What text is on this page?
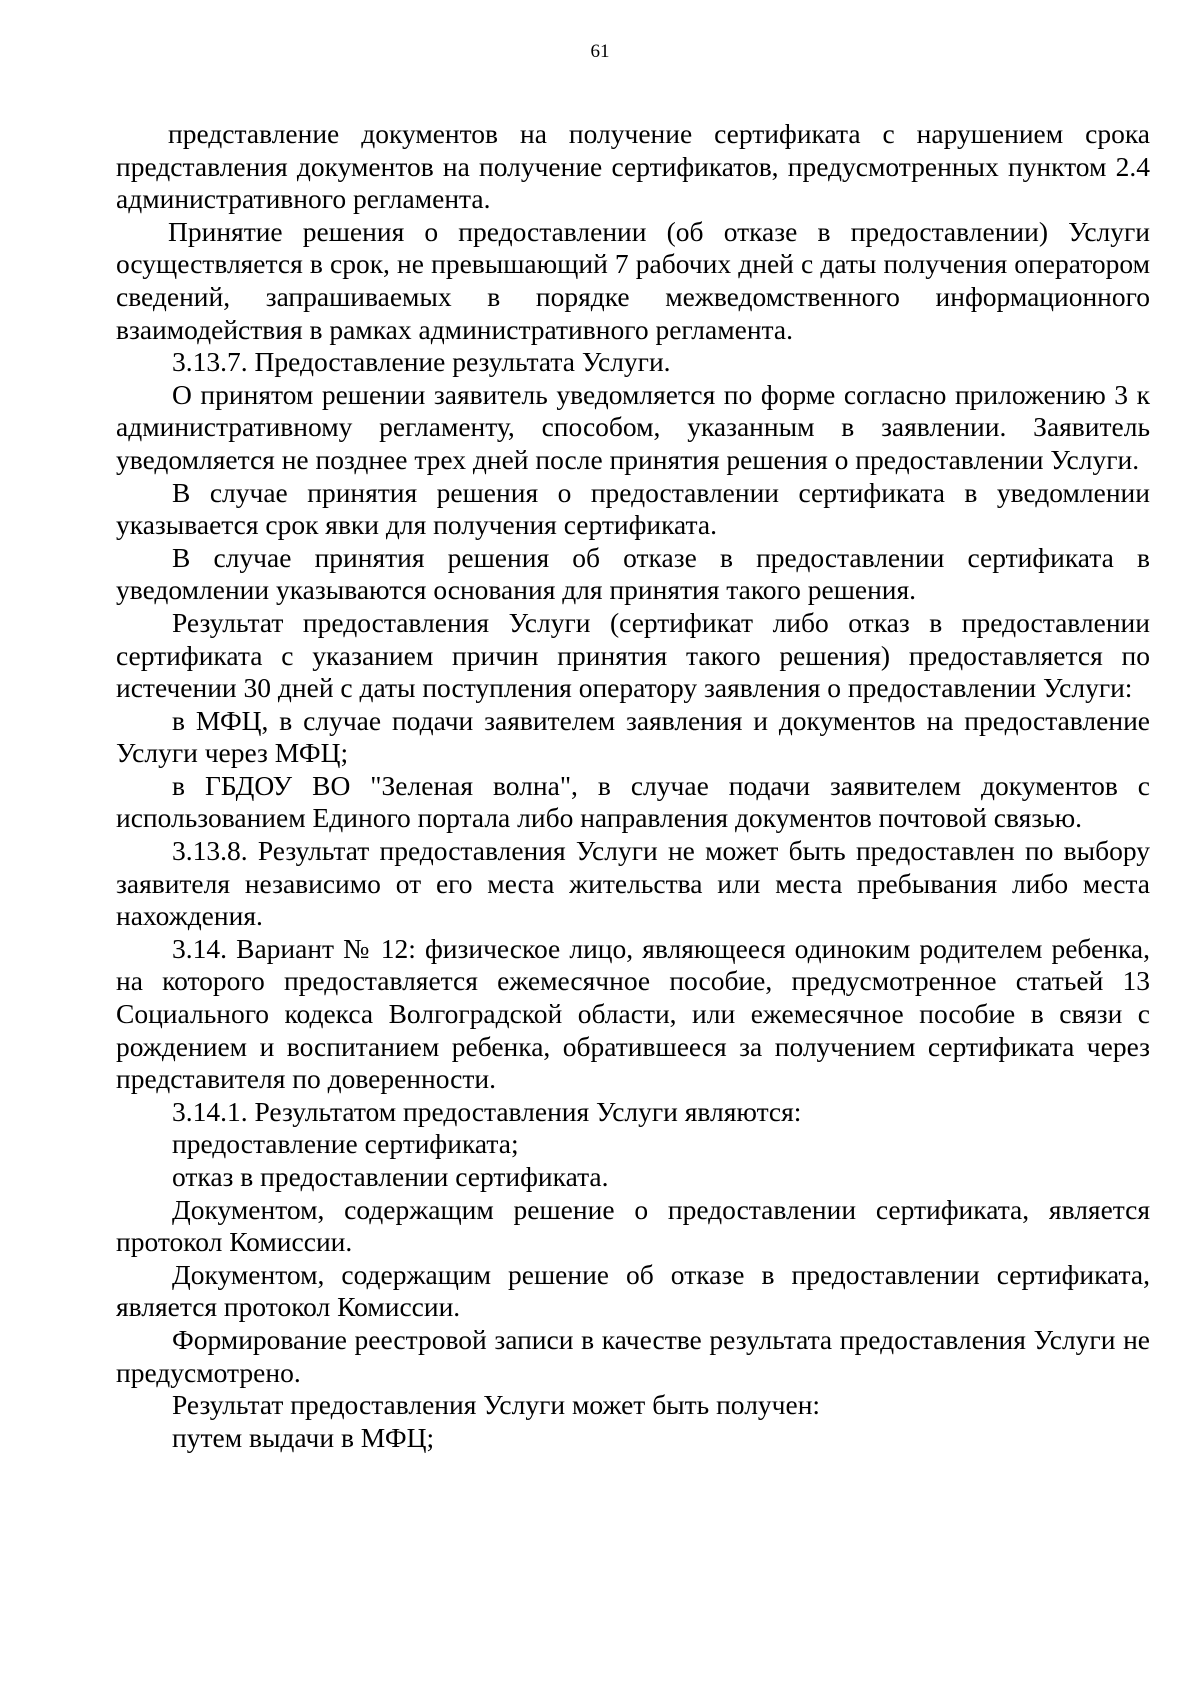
61

представление документов на получение сертификата с нарушением срока представления документов на получение сертификатов, предусмотренных пунктом 2.4 административного регламента.

Принятие решения о предоставлении (об отказе в предоставлении) Услуги осуществляется в срок, не превышающий 7 рабочих дней с даты получения оператором сведений, запрашиваемых в порядке межведомственного информационного взаимодействия в рамках административного регламента.

3.13.7. Предоставление результата Услуги.

О принятом решении заявитель уведомляется по форме согласно приложению 3 к административному регламенту, способом, указанным в заявлении. Заявитель уведомляется не позднее трех дней после принятия решения о предоставлении Услуги.

В случае принятия решения о предоставлении сертификата в уведомлении указывается срок явки для получения сертификата.

В случае принятия решения об отказе в предоставлении сертификата в уведомлении указываются основания для принятия такого решения.

Результат предоставления Услуги (сертификат либо отказ в предоставлении сертификата с указанием причин принятия такого решения) предоставляется по истечении 30 дней с даты поступления оператору заявления о предоставлении Услуги:

в МФЦ, в случае подачи заявителем заявления и документов на предоставление Услуги через МФЦ;

в ГБДОУ ВО "Зеленая волна", в случае подачи заявителем документов с использованием Единого портала либо направления документов почтовой связью.

3.13.8. Результат предоставления Услуги не может быть предоставлен по выбору заявителя независимо от его места жительства или места пребывания либо места нахождения.

3.14. Вариант № 12: физическое лицо, являющееся одиноким родителем ребенка, на которого предоставляется ежемесячное пособие, предусмотренное статьей 13 Социального кодекса Волгоградской области, или ежемесячное пособие в связи с рождением и воспитанием ребенка, обратившееся за получением сертификата через представителя по доверенности.

3.14.1. Результатом предоставления Услуги являются:

предоставление сертификата;

отказ в предоставлении сертификата.

Документом, содержащим решение о предоставлении сертификата, является протокол Комиссии.

Документом, содержащим решение об отказе в предоставлении сертификата, является протокол Комиссии.

Формирование реестровой записи в качестве результата предоставления Услуги не предусмотрено.

Результат предоставления Услуги может быть получен:

путем выдачи в МФЦ;
